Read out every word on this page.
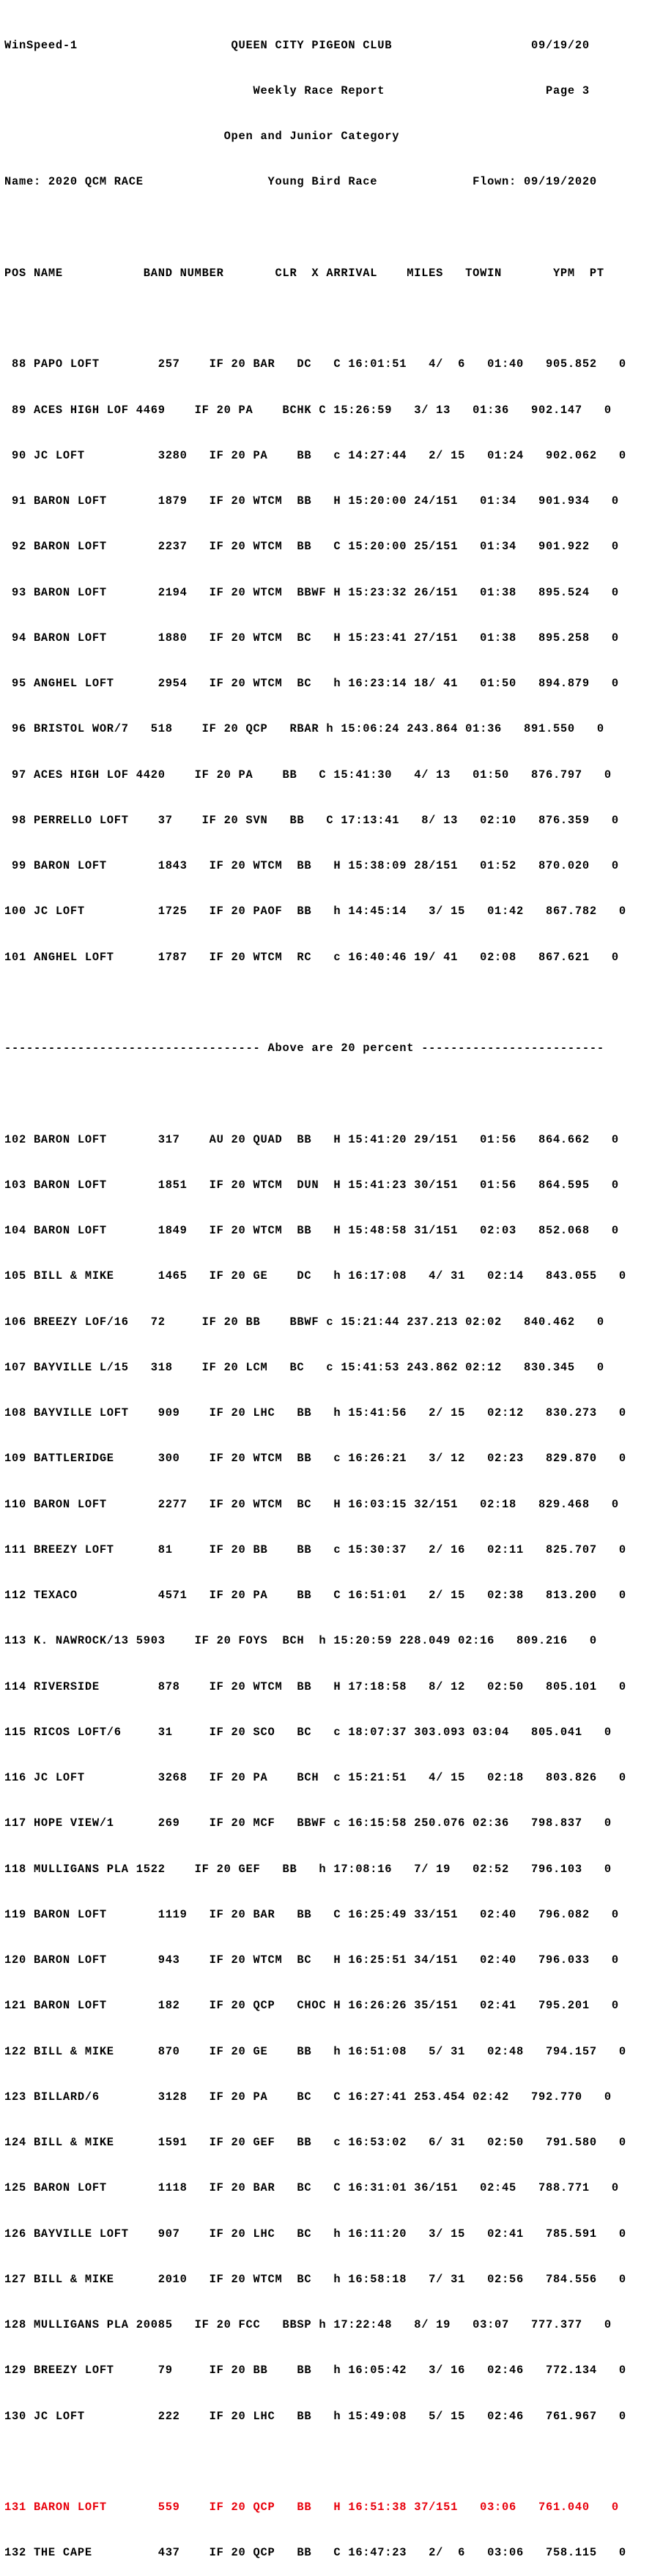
WinSpeed-1                     QUEEN CITY PIGEON CLUB                   09/19/20

Weekly Race Report                      Page 3

Open and Junior Category

Name: 2020 QCM RACE                 Young Bird Race             Flown: 09/19/2020

POS NAME           BAND NUMBER       CLR  X ARRIVAL    MILES   TOWIN       YPM  PT

88 PAPO LOFT        257    IF 20 BAR   DC   C 16:01:51   4/  6   01:40   905.852   0

89 ACES HIGH LOF 4469    IF 20 PA    BCHK C 15:26:59   3/ 13   01:36   902.147   0

90 JC LOFT          3280   IF 20 PA    BB   c 14:27:44   2/ 15   01:24   902.062   0

91 BARON LOFT       1879   IF 20 WTCM  BB   H 15:20:00 24/151   01:34   901.934   0

92 BARON LOFT       2237   IF 20 WTCM  BB   C 15:20:00 25/151   01:34   901.922   0

93 BARON LOFT       2194   IF 20 WTCM  BBWF H 15:23:32 26/151   01:38   895.524   0

94 BARON LOFT       1880   IF 20 WTCM  BC   H 15:23:41 27/151   01:38   895.258   0

95 ANGHEL LOFT      2954   IF 20 WTCM  BC   h 16:23:14 18/ 41   01:50   894.879   0

96 BRISTOL WOR/7   518    IF 20 QCP   RBAR h 15:06:24 243.864 01:36   891.550   0

97 ACES HIGH LOF 4420    IF 20 PA    BB   C 15:41:30   4/ 13   01:50   876.797   0

98 PERRELLO LOFT    37    IF 20 SVN   BB   C 17:13:41   8/ 13   02:10   876.359   0

99 BARON LOFT       1843   IF 20 WTCM  BB   H 15:38:09 28/151   01:52   870.020   0

100 JC LOFT          1725   IF 20 PAOF  BB   h 14:45:14   3/ 15   01:42   867.782   0

101 ANGHEL LOFT      1787   IF 20 WTCM  RC   c 16:40:46 19/ 41   02:08   867.621   0

----------------------------------- Above are 20 percent -------------------------

102 BARON LOFT       317    AU 20 QUAD  BB   H 15:41:20 29/151   01:56   864.662   0

103 BARON LOFT       1851   IF 20 WTCM  DUN  H 15:41:23 30/151   01:56   864.595   0

104 BARON LOFT       1849   IF 20 WTCM  BB   H 15:48:58 31/151   02:03   852.068   0

105 BILL & MIKE      1465   IF 20 GE    DC   h 16:17:08   4/ 31   02:14   843.055   0

106 BREEZY LOF/16   72     IF 20 BB    BBWF c 15:21:44 237.213 02:02   840.462   0

107 BAYVILLE L/15   318    IF 20 LCM   BC   c 15:41:53 243.862 02:12   830.345   0

108 BAYVILLE LOFT    909    IF 20 LHC   BB   h 15:41:56   2/ 15   02:12   830.273   0

109 BATTLERIDGE      300    IF 20 WTCM  BB   c 16:26:21   3/ 12   02:23   829.870   0

110 BARON LOFT       2277   IF 20 WTCM  BC   H 16:03:15 32/151   02:18   829.468   0

111 BREEZY LOFT      81     IF 20 BB    BB   c 15:30:37   2/ 16   02:11   825.707   0

112 TEXACO           4571   IF 20 PA    BB   C 16:51:01   2/ 15   02:38   813.200   0

113 K. NAWROCK/13 5903    IF 20 FOYS  BCH  h 15:20:59 228.049 02:16   809.216   0

114 RIVERSIDE        878    IF 20 WTCM  BB   H 17:18:58   8/ 12   02:50   805.101   0

115 RICOS LOFT/6     31     IF 20 SCO   BC   c 18:07:37 303.093 03:04   805.041   0

116 JC LOFT          3268   IF 20 PA    BCH  c 15:21:51   4/ 15   02:18   803.826   0

117 HOPE VIEW/1      269    IF 20 MCF   BBWF c 16:15:58 250.076 02:36   798.837   0

118 MULLIGANS PLA 1522    IF 20 GEF   BB   h 17:08:16   7/ 19   02:52   796.103   0

119 BARON LOFT       1119   IF 20 BAR   BB   C 16:25:49 33/151   02:40   796.082   0

120 BARON LOFT       943    IF 20 WTCM  BC   H 16:25:51 34/151   02:40   796.033   0

121 BARON LOFT       182    IF 20 QCP   CHOC H 16:26:26 35/151   02:41   795.201   0

122 BILL & MIKE      870    IF 20 GE    BB   h 16:51:08   5/ 31   02:48   794.157   0

123 BILLARD/6        3128   IF 20 PA    BC   C 16:27:41 253.454 02:42   792.770   0

124 BILL & MIKE      1591   IF 20 GEF   BB   c 16:53:02   6/ 31   02:50   791.580   0

125 BARON LOFT       1118   IF 20 BAR   BC   C 16:31:01 36/151   02:45   788.771   0

126 BAYVILLE LOFT    907    IF 20 LHC   BC   h 16:11:20   3/ 15   02:41   785.591   0

127 BILL & MIKE      2010   IF 20 WTCM  BC   h 16:58:18   7/ 31   02:56   784.556   0

128 MULLIGANS PLA 20085   IF 20 FCC   BBSP h 17:22:48   8/ 19   03:07   777.377   0

129 BREEZY LOFT      79     IF 20 BB    BB   h 16:05:42   3/ 16   02:46   772.134   0

130 JC LOFT          222    IF 20 LHC   BB   h 15:49:08   5/ 15   02:46   761.967   0

131 BARON LOFT       559    IF 20 QCP   BB   H 16:51:38 37/151   03:06   761.040   0

132 THE CAPE         437    IF 20 QCP   BB   C 16:47:23   2/  6   03:06   758.115   0
